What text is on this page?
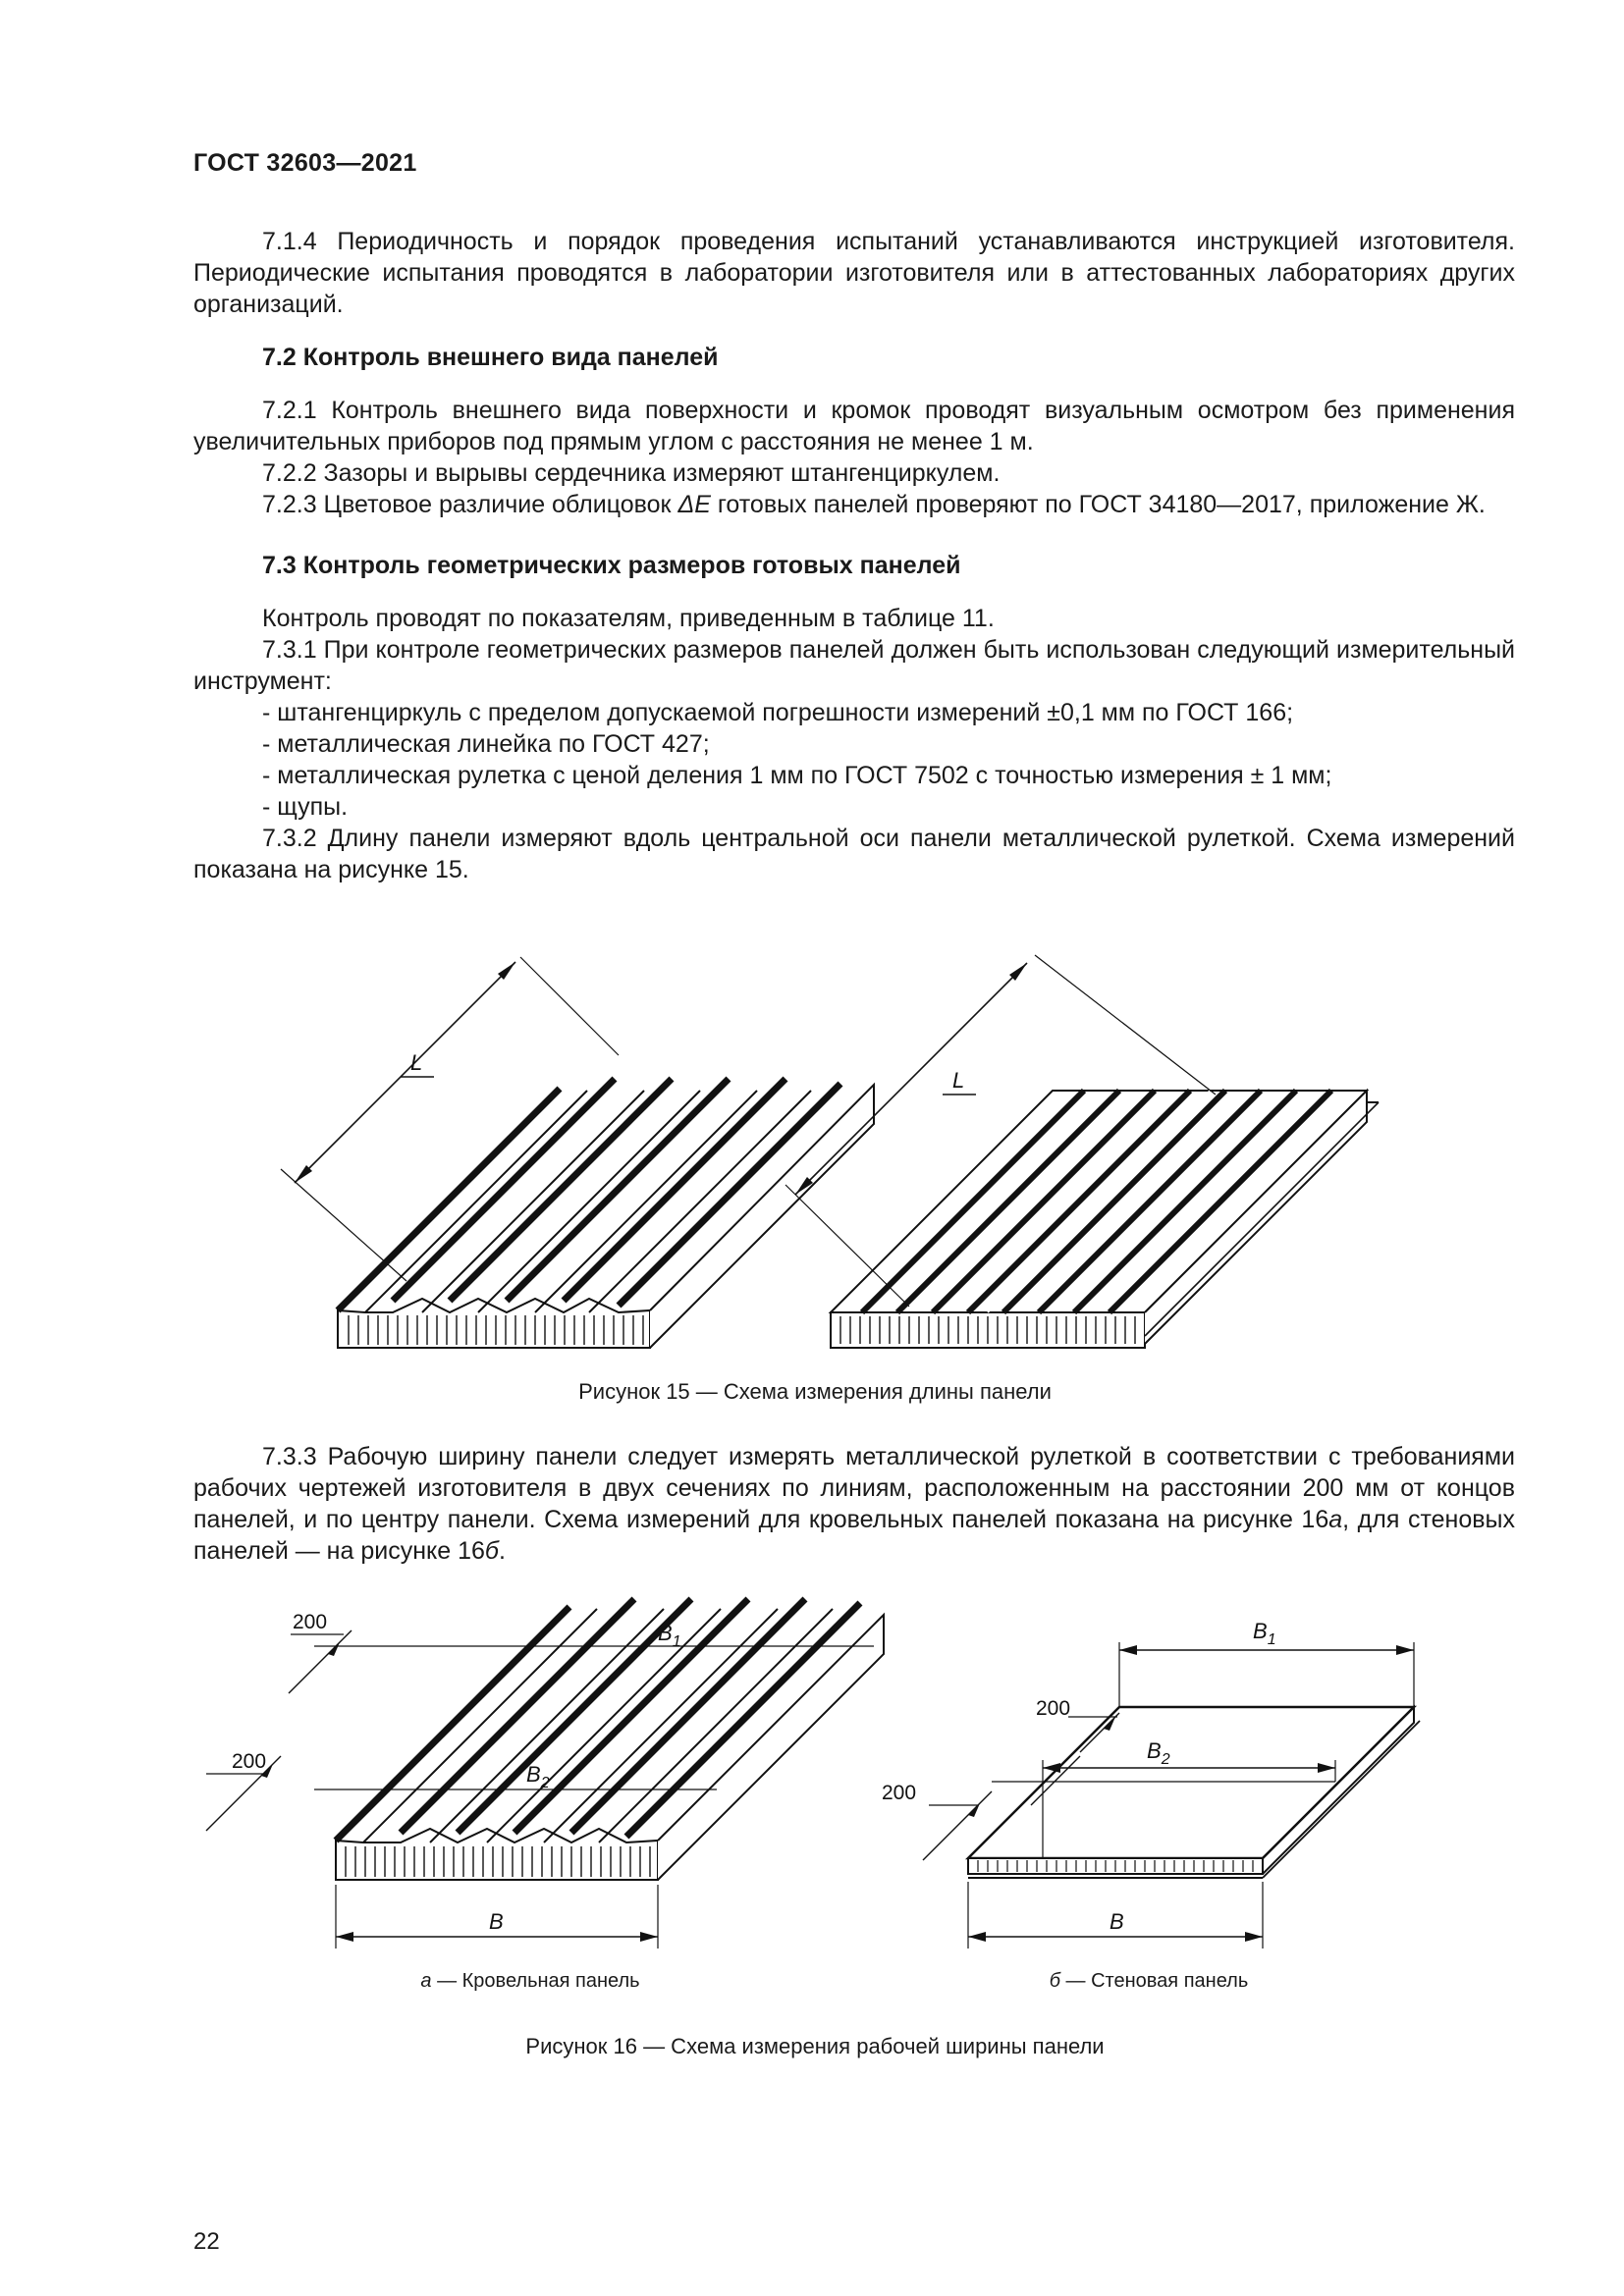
ГОСТ 32603—2021

7.1.4 Периодичность и порядок проведения испытаний устанавливаются инструкцией изготовителя. Периодические испытания проводятся в лаборатории изготовителя или в аттестованных лабораториях других организаций.

7.2 Контроль внешнего вида панелей

7.2.1 Контроль внешнего вида поверхности и кромок проводят визуальным осмотром без применения увеличительных приборов под прямым углом с расстояния не менее 1 м.

7.2.2 Зазоры и вырывы сердечника измеряют штангенциркулем.

7.2.3 Цветовое различие облицовок ΔE готовых панелей проверяют по ГОСТ 34180—2017, приложение Ж.

7.3 Контроль геометрических размеров готовых панелей

Контроль проводят по показателям, приведенным в таблице 11.

7.3.1 При контроле геометрических размеров панелей должен быть использован следующий измерительный инструмент:

- штангенциркуль с пределом допускаемой погрешности измерений ±0,1 мм по ГОСТ 166;

- металлическая линейка по ГОСТ 427;

- металлическая рулетка с ценой деления 1 мм по ГОСТ 7502 с точностью измерения ± 1 мм;

- щупы.

7.3.2 Длину панели измеряют вдоль центральной оси панели металлической рулеткой. Схема измерений показана на рисунке 15.

L
L
Рисунок 15 — Схема измерения длины панели

7.3.3 Рабочую ширину панели следует измерять металлической рулеткой в соответствии с требованиями рабочих чертежей изготовителя в двух сечениях по линиям, расположенным на расстоянии 200 мм от концов панелей, и по центру панели. Схема измерений для кровельных панелей показана на рисунке 16а, для стеновых панелей — на рисунке 16б.

200
200
$B_1$
$B_2$
B
200
200
$B_1$
$B_2$
B
а — Кровельная панель	б — Стеновая панель
Рисунок 16 — Схема измерения рабочей ширины панели
22
